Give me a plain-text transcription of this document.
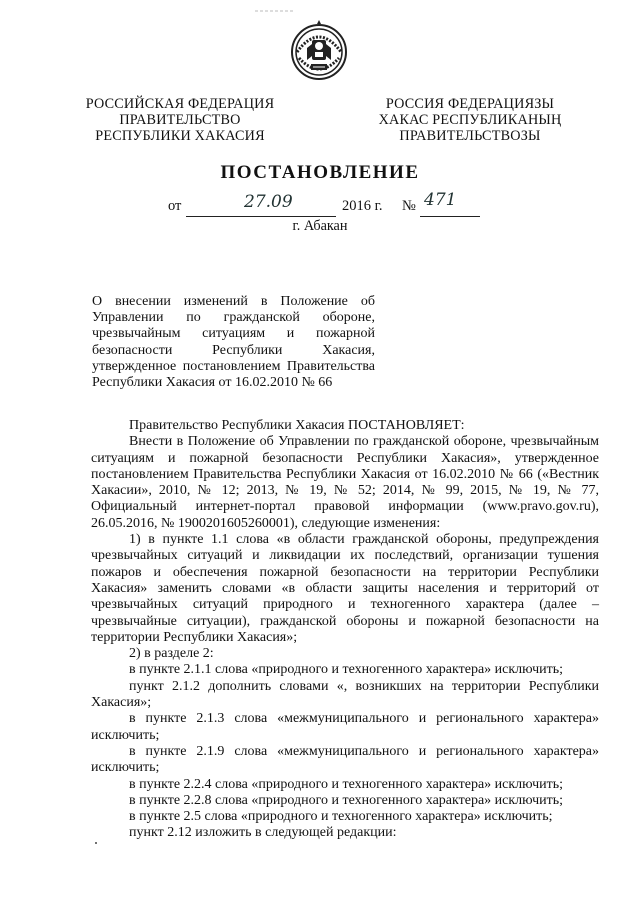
РОССИЙСКАЯ ФЕДЕРАЦИЯ
ПРАВИТЕЛЬСТВО
РЕСПУБЛИКИ ХАКАСИЯ
РОССИЯ ФЕДЕРАЦИЯЗЫ
ХАКАС РЕСПУБЛИКАНЫҢ
ПРАВИТЕЛЬСТВОЗЫ
ПОСТАНОВЛЕНИЕ
от	27.09	2016 г. № 471
г. Абакан
О внесении изменений в Положение об Управлении по гражданской обороне, чрезвычайным ситуациям и пожарной безопасности Республики Хакасия, утвержденное постановлением Правительства Республики Хакасия от 16.02.2010 № 66

Правительство Республики Хакасия ПОСТАНОВЛЯЕТ:

Внести в Положение об Управлении по гражданской обороне, чрезвычайным ситуациям и пожарной безопасности Республики Хакасия», утвержденное постановлением Правительства Республики Хакасия от 16.02.2010 № 66 («Вестник Хакасии», 2010, № 12; 2013, № 19, № 52; 2014, № 99, 2015, № 19, № 77, Официальный интернет-портал правовой информации (www.pravo.gov.ru), 26.05.2016, № 1900201605260001), следующие изменения:

1) в пункте 1.1 слова «в области гражданской обороны, предупреждения чрезвычайных ситуаций и ликвидации их последствий, организации тушения пожаров и обеспечения пожарной безопасности на территории Республики Хакасия» заменить словами «в области защиты населения и территорий от чрезвычайных ситуаций природного и техногенного характера (далее – чрезвычайные ситуации), гражданской обороны и пожарной безопасности на территории Республики Хакасия»;

2) в разделе 2:

в пункте 2.1.1 слова «природного и техногенного характера» исключить;

пункт 2.1.2 дополнить словами «, возникших на территории Республики Хакасия»;

в пункте 2.1.3 слова «межмуниципального и регионального характера» исключить;

в пункте 2.1.9 слова «межмуниципального и регионального характера» исключить;

в пункте 2.2.4 слова «природного и техногенного характера» исключить;

в пункте 2.2.8 слова «природного и техногенного характера» исключить;

в пункте 2.5 слова «природного и техногенного характера» исключить;

пункт 2.12 изложить в следующей редакции:
